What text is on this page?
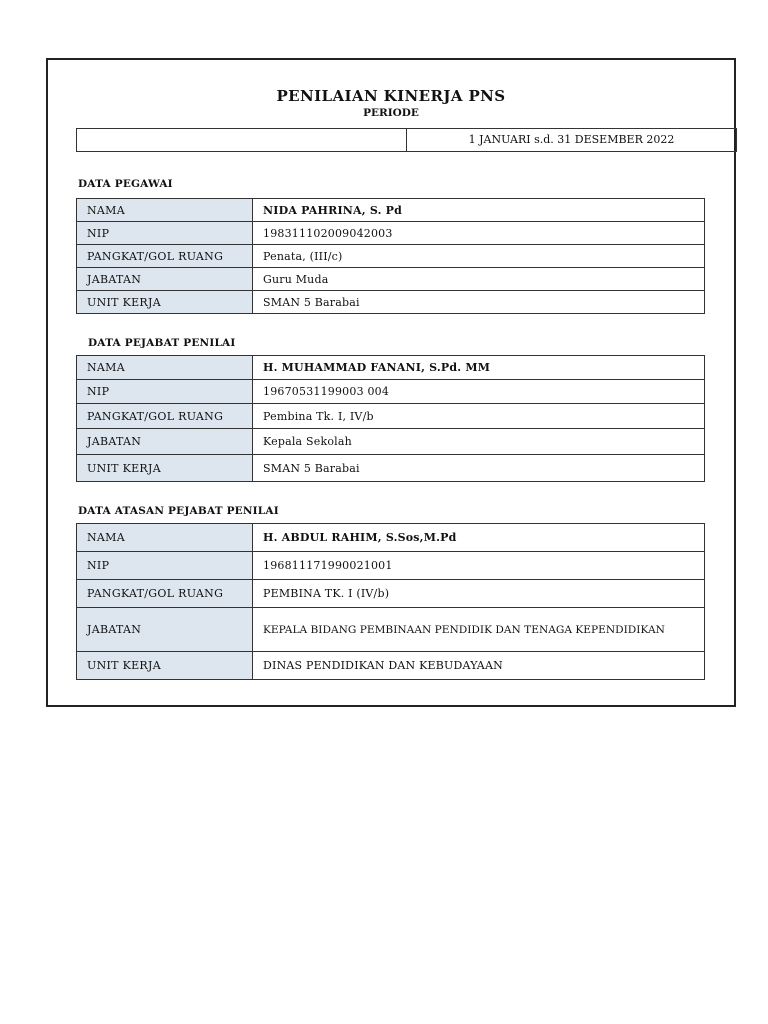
PENILAIAN KINERJA PNS
PERIODE
1 JANUARI s.d. 31 DESEMBER 2022
DATA PEGAWAI
NAMA	NIDA PAHRINA, S. Pd
NIP	198311102009042003
PANGKAT/GOL RUANG	Penata, (III/c)
JABATAN	Guru Muda
UNIT KERJA	SMAN 5 Barabai
DATA PEJABAT PENILAI
NAMA	H. MUHAMMAD FANANI, S.Pd. MM
NIP	19670531199003 004
PANGKAT/GOL RUANG	Pembina Tk. I, IV/b
JABATAN	Kepala Sekolah
UNIT KERJA	SMAN 5 Barabai
DATA ATASAN PEJABAT PENILAI
NAMA	H. ABDUL RAHIM, S.Sos,M.Pd
NIP	196811171990021001
PANGKAT/GOL RUANG	PEMBINA TK. I (IV/b)
JABATAN	KEPALA BIDANG PEMBINAAN PENDIDIK DAN TENAGA KEPENDIDIKAN
UNIT KERJA	DINAS PENDIDIKAN DAN KEBUDAYAAN
